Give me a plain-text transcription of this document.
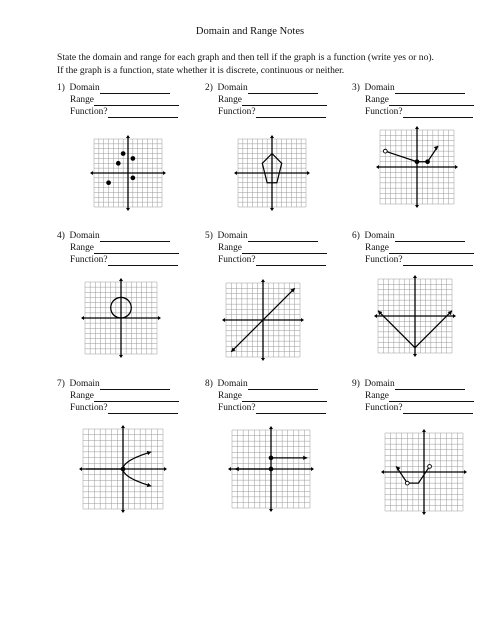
Domain and Range Notes
State the domain and range for each graph and then tell if the graph is a function (write yes or no).
If the graph is a function, state whether it is discrete, continuous or neither.
1) Domain
Range
Function?
2) Domain
Range
Function?
3) Domain
Range
Function?
4) Domain
Range
Function?
5) Domain
Range
Function?
6) Domain
Range
Function?
7) Domain
Range
Function?
8) Domain
Range
Function?
9) Domain
Range
Function?
